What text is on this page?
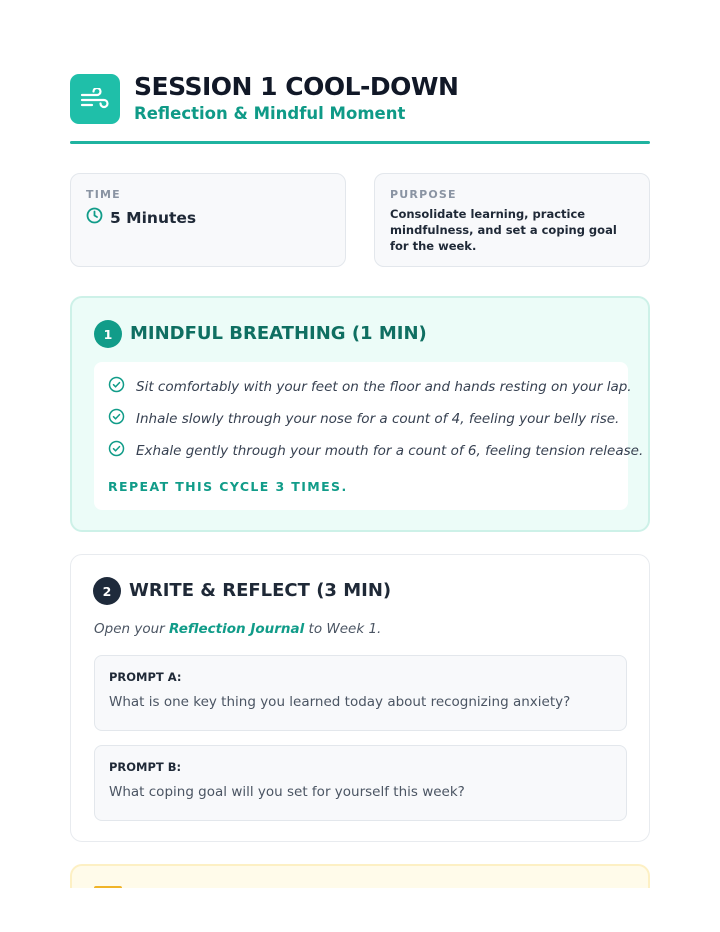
SESSION 1 COOL-DOWN
Reflection & Mindful Moment
TIME
5 Minutes
PURPOSE
Consolidate learning, practice mindfulness, and set a coping goal for the week.
1 MINDFUL BREATHING (1 MIN)
Sit comfortably with your feet on the floor and hands resting on your lap.
Inhale slowly through your nose for a count of 4, feeling your belly rise.
Exhale gently through your mouth for a count of 6, feeling tension release.
REPEAT THIS CYCLE 3 TIMES.
2 WRITE & REFLECT (3 MIN)
Open your Reflection Journal to Week 1.
PROMPT A:
What is one key thing you learned today about recognizing anxiety?
PROMPT B:
What coping goal will you set for yourself this week?
